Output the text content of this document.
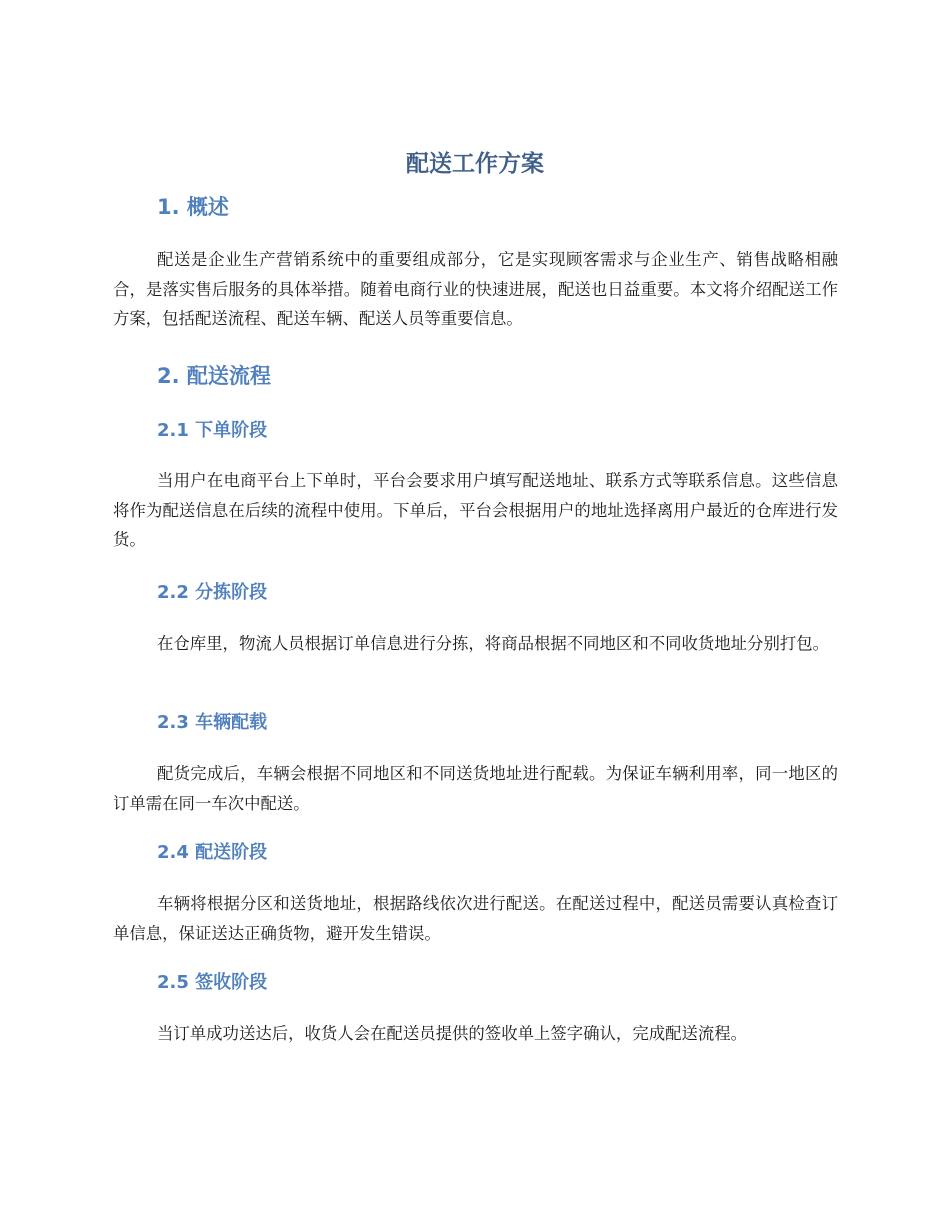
配送工作方案
1. 概述

配送是企业生产营销系统中的重要组成部分，它是实现顾客需求与企业生产、销售战略相融合，是落实售后服务的具体举措。随着电商行业的快速进展，配送也日益重要。本文将介绍配送工作方案，包括配送流程、配送车辆、配送人员等重要信息。

2. 配送流程
2.1 下单阶段

当用户在电商平台上下单时，平台会要求用户填写配送地址、联系方式等联系信息。这些信息将作为配送信息在后续的流程中使用。下单后，平台会根据用户的地址选择离用户最近的仓库进行发货。

2.2 分拣阶段

在仓库里，物流人员根据订单信息进行分拣，将商品根据不同地区和不同收货地址分别打包。

2.3 车辆配载

配货完成后，车辆会根据不同地区和不同送货地址进行配载。为保证车辆利用率，同一地区的订单需在同一车次中配送。

2.4 配送阶段

车辆将根据分区和送货地址，根据路线依次进行配送。在配送过程中，配送员需要认真检查订单信息，保证送达正确货物，避开发生错误。

2.5 签收阶段

当订单成功送达后，收货人会在配送员提供的签收单上签字确认，完成配送流程。
